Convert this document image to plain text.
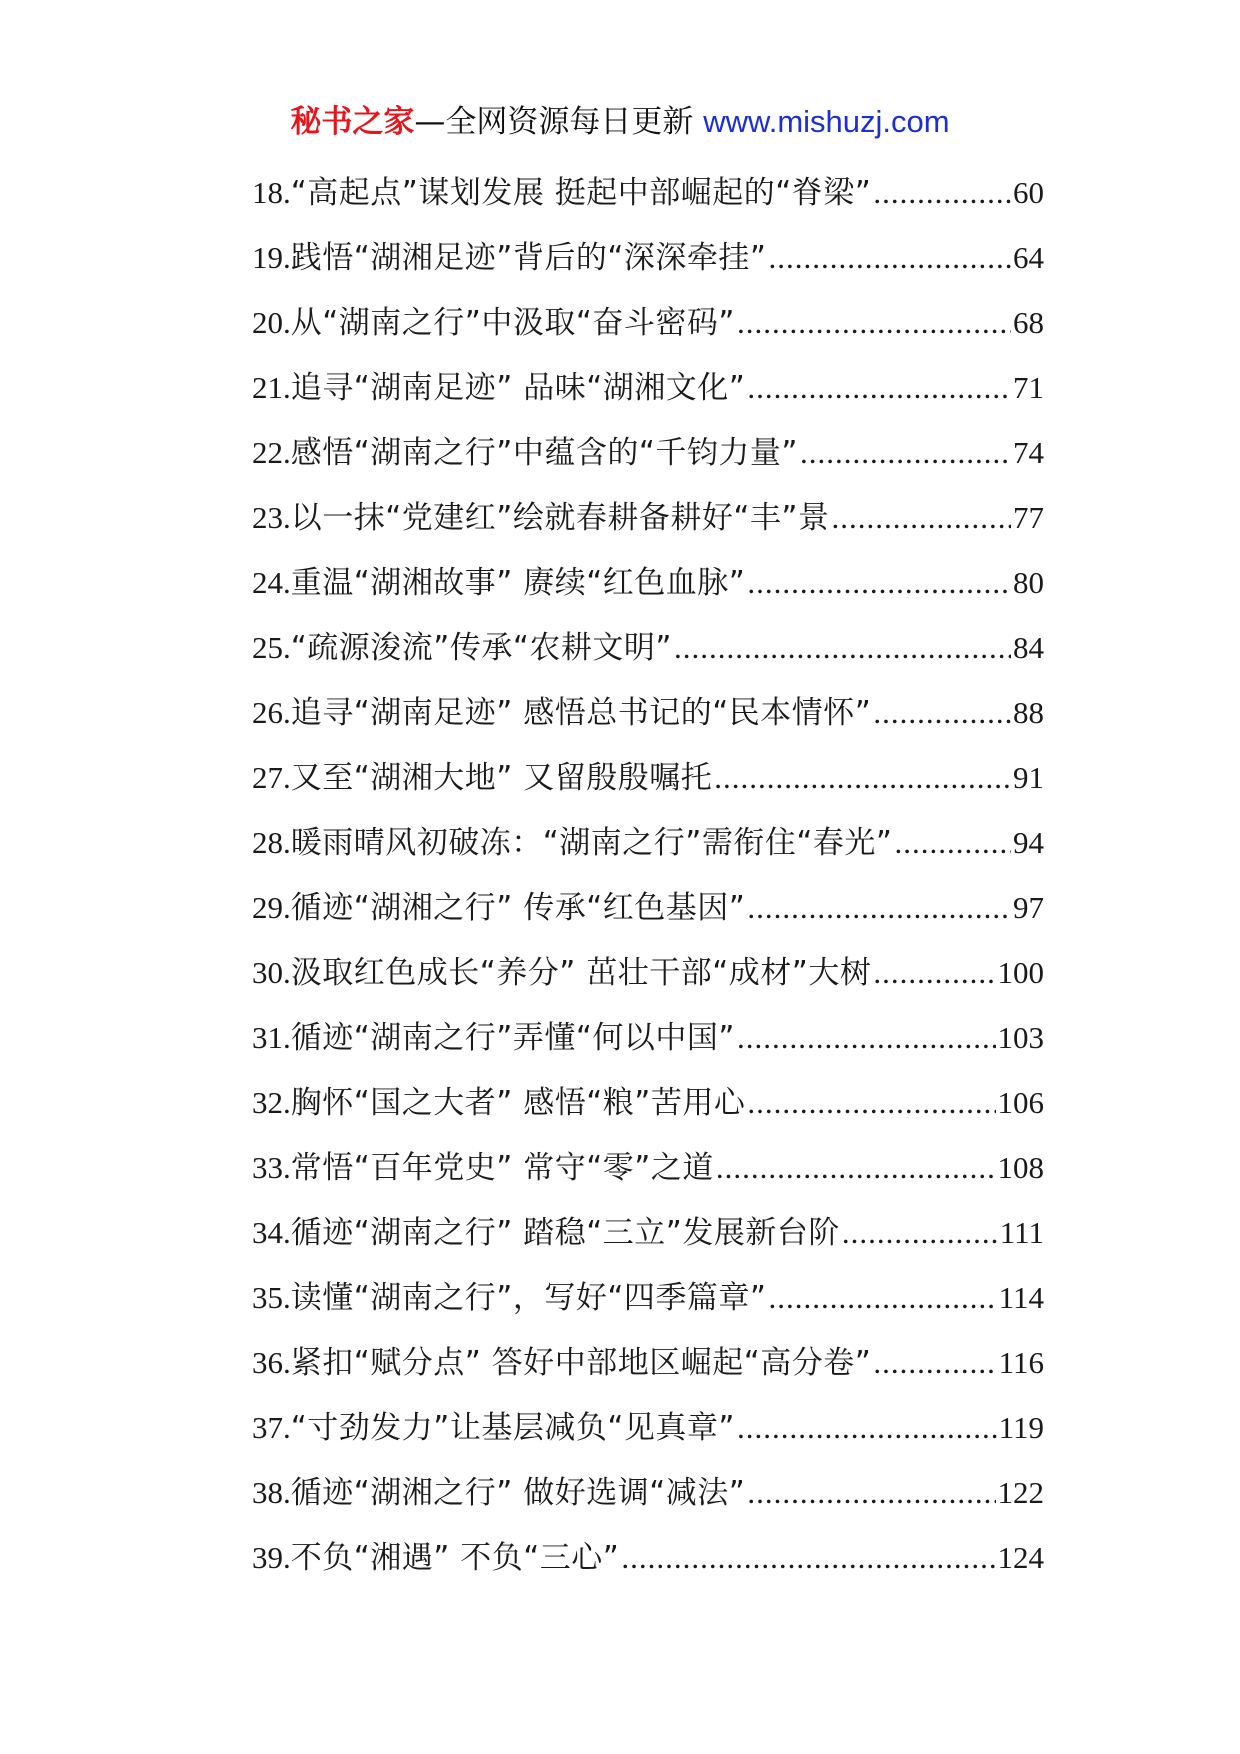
秘书之家—全网资源每日更新 www.mishuzj.com
18. “高起点”谋划发展 挺起中部崛起的“脊梁” .....	60
19. 践悟“湖湘足迹”背后的“深深牵挂” .....	64
20. 从“湖南之行”中汲取“奋斗密码” .....	68
21. 追寻“湖南足迹” 品味“湖湘文化” .....	71
22. 感悟“湖南之行”中蕴含的“千钧力量” .....	74
23. 以一抹“党建红”绘就春耕备耕好“丰”景 .....	77
24. 重温“湖湘故事” 赓续“红色血脉” .....	80
25. “疏源浚流”传承“农耕文明” .....	84
26. 追寻“湖南足迹” 感悟总书记的“民本情怀” .....	88
27. 又至“湖湘大地” 又留殷殷嘱托 .....	91
28. 暖雨晴风初破冻：“湖南之行”需衔住“春光” .....	94
29. 循迹“湖湘之行” 传承“红色基因” .....	97
30. 汲取红色成长“养分” 茁壮干部“成材”大树 .....	100
31. 循迹“湖南之行”弄懂“何以中国” .....	103
32. 胸怀“国之大者” 感悟“粮”苦用心 .....	106
33. 常悟“百年党史” 常守“零”之道 .....	108
34. 循迹“湖南之行” 踏稳“三立”发展新台阶 .....	111
35. 读懂“湖南之行”，写好“四季篇章” .....	114
36. 紧扣“赋分点” 答好中部地区崛起“高分卷” .....	116
37. “寸劲发力”让基层减负“见真章” .....	119
38. 循迹“湖湘之行” 做好选调“减法” .....	122
39. 不负“湘遇” 不负“三心” .....	124
